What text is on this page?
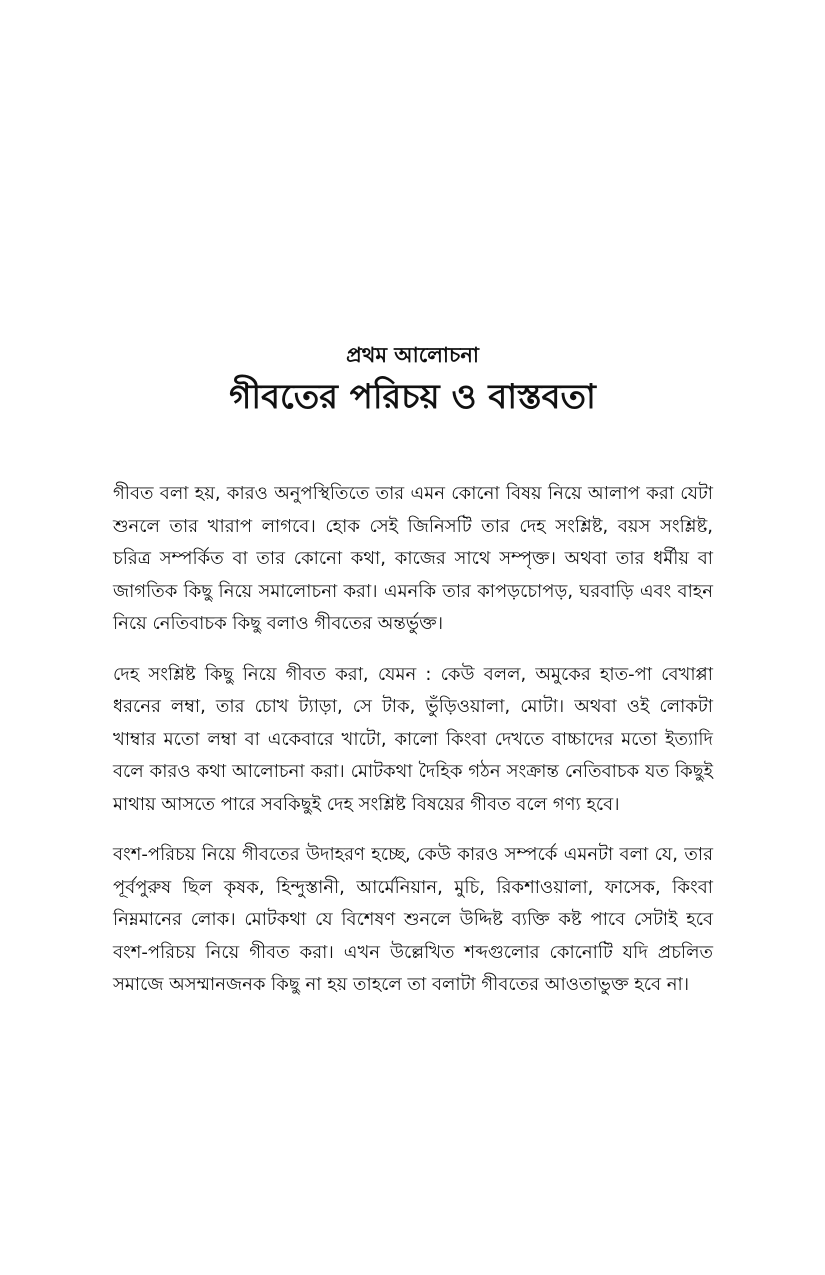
প্রথম আলোচনা
গীবতের পরিচয় ও বাস্তবতা

গীবত বলা হয়, কারও অনুপস্থিতিতে তার এমন কোনো বিষয় নিয়ে আলাপ করা যেটা শুনলে তার খারাপ লাগবে। হোক সেই জিনিসটি তার দেহ সংশ্লিষ্ট, বয়স সংশ্লিষ্ট, চরিত্র সম্পর্কিত বা তার কোনো কথা, কাজের সাথে সম্পৃক্ত। অথবা তার ধর্মীয় বা জাগতিক কিছু নিয়ে সমালোচনা করা। এমনকি তার কাপড়চোপড়, ঘরবাড়ি এবং বাহন নিয়ে নেতিবাচক কিছু বলাও গীবতের অন্তর্ভুক্ত।

দেহ সংশ্লিষ্ট কিছু নিয়ে গীবত করা, যেমন : কেউ বলল, অমুকের হাত-পা বেখাপ্পা ধরনের লম্বা, তার চোখ ট্যাড়া, সে টাক, ভুঁড়িওয়ালা, মোটা। অথবা ওই লোকটা খাম্বার মতো লম্বা বা একেবারে খাটো, কালো কিংবা দেখতে বাচ্চাদের মতো ইত্যাদি বলে কারও কথা আলোচনা করা। মোটকথা দৈহিক গঠন সংক্রান্ত নেতিবাচক যত কিছুই মাথায় আসতে পারে সবকিছুই দেহ সংশ্লিষ্ট বিষয়ের গীবত বলে গণ্য হবে।

বংশ-পরিচয় নিয়ে গীবতের উদাহরণ হচ্ছে, কেউ কারও সম্পর্কে এমনটা বলা যে, তার পূর্বপুরুষ ছিল কৃষক, হিন্দুস্তানী, আর্মেনিয়ান, মুচি, রিকশাওয়ালা, ফাসেক, কিংবা নিম্নমানের লোক। মোটকথা যে বিশেষণ শুনলে উদ্দিষ্ট ব্যক্তি কষ্ট পাবে সেটাই হবে বংশ-পরিচয় নিয়ে গীবত করা। এখন উল্লেখিত শব্দগুলোর কোনোটি যদি প্রচলিত সমাজে অসম্মানজনক কিছু না হয় তাহলে তা বলাটা গীবতের আওতাভুক্ত হবে না।
